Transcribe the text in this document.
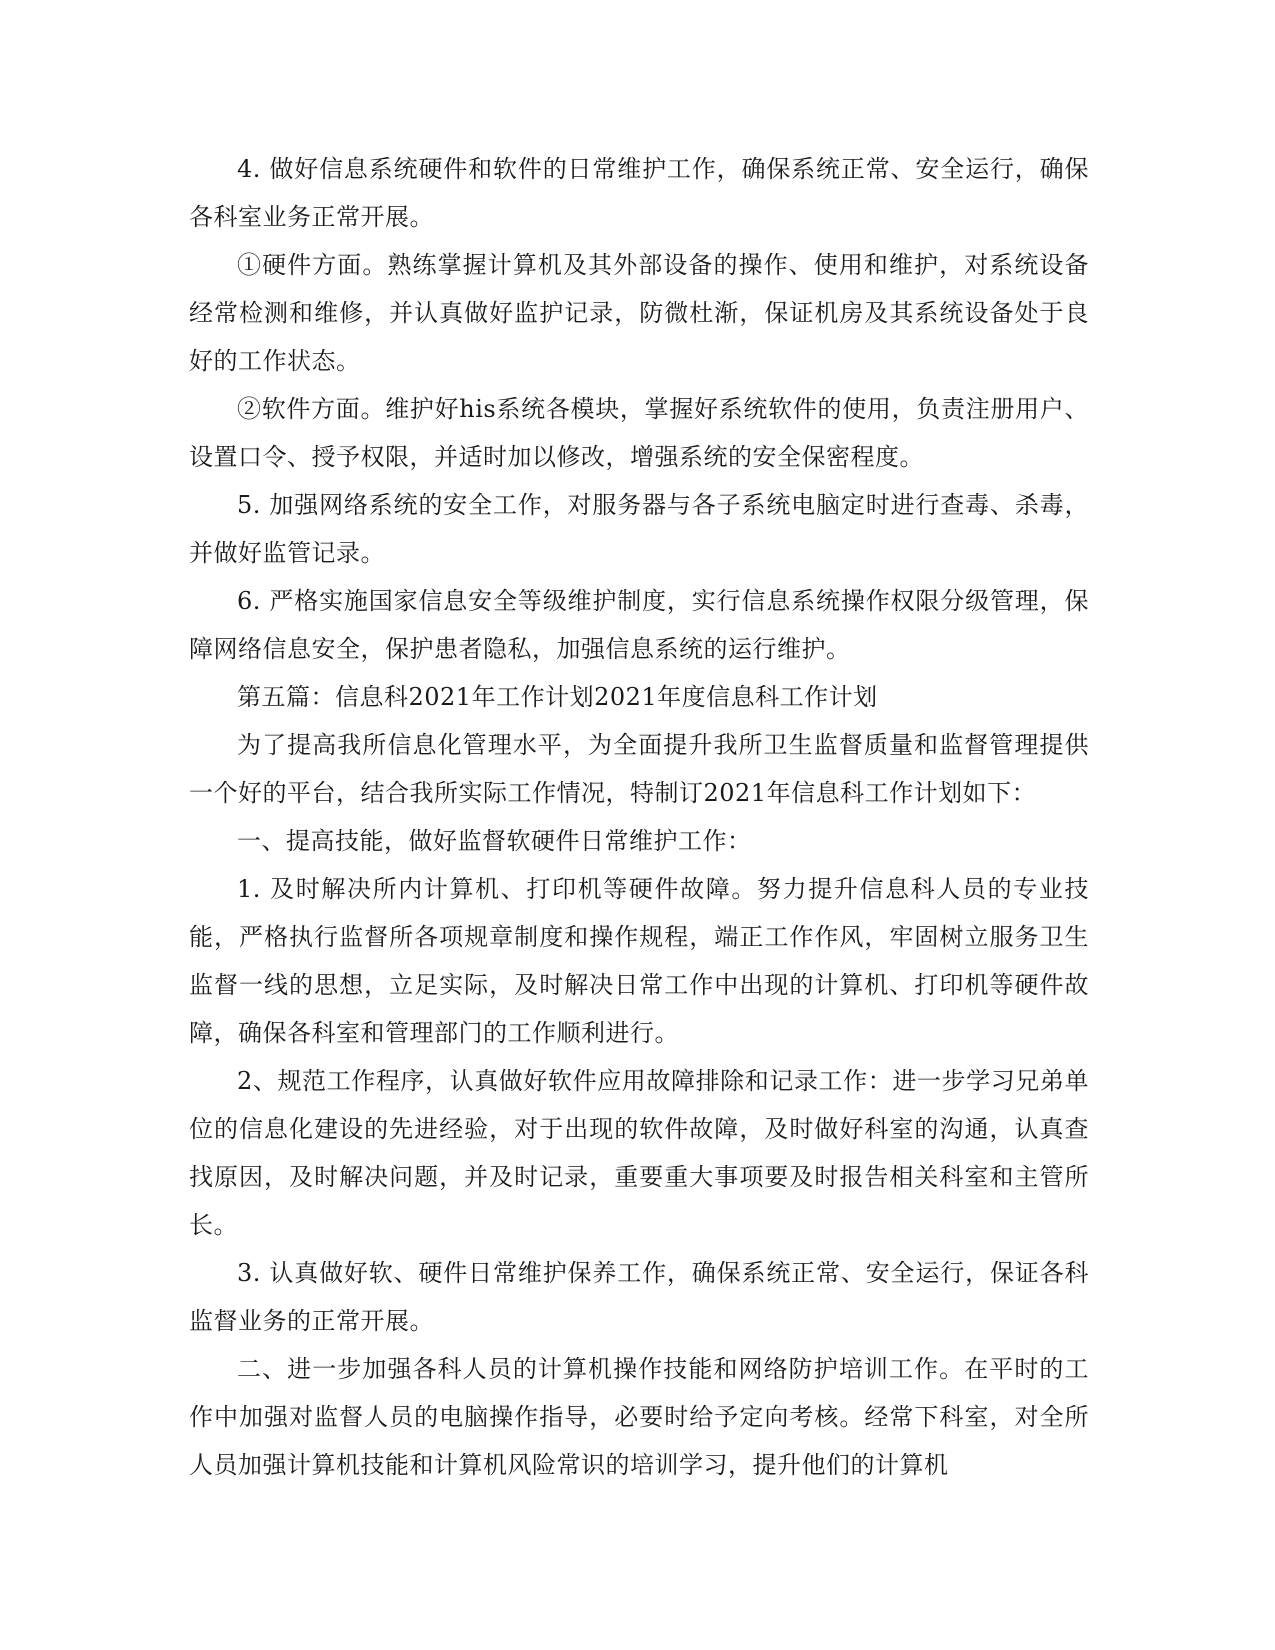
4. 做好信息系统硬件和软件的日常维护工作，确保系统正常、安全运行，确保各科室业务正常开展。

①硬件方面。熟练掌握计算机及其外部设备的操作、使用和维护，对系统设备经常检测和维修，并认真做好监护记录，防微杜渐，保证机房及其系统设备处于良好的工作状态。

②软件方面。维护好his系统各模块，掌握好系统软件的使用，负责注册用户、设置口令、授予权限，并适时加以修改，增强系统的安全保密程度。

5. 加强网络系统的安全工作，对服务器与各子系统电脑定时进行查毒、杀毒，并做好监管记录。

6. 严格实施国家信息安全等级维护制度，实行信息系统操作权限分级管理，保障网络信息安全，保护患者隐私，加强信息系统的运行维护。

第五篇：信息科2021年工作计划2021年度信息科工作计划

为了提高我所信息化管理水平，为全面提升我所卫生监督质量和监督管理提供一个好的平台，结合我所实际工作情况，特制订2021年信息科工作计划如下：

一、提高技能，做好监督软硬件日常维护工作：

1. 及时解决所内计算机、打印机等硬件故障。努力提升信息科人员的专业技能，严格执行监督所各项规章制度和操作规程，端正工作作风，牢固树立服务卫生监督一线的思想，立足实际，及时解决日常工作中出现的计算机、打印机等硬件故障，确保各科室和管理部门的工作顺利进行。

2、规范工作程序，认真做好软件应用故障排除和记录工作：进一步学习兄弟单位的信息化建设的先进经验，对于出现的软件故障，及时做好科室的沟通，认真查找原因，及时解决问题，并及时记录，重要重大事项要及时报告相关科室和主管所长。

3. 认真做好软、硬件日常维护保养工作，确保系统正常、安全运行，保证各科监督业务的正常开展。

二、进一步加强各科人员的计算机操作技能和网络防护培训工作。在平时的工作中加强对监督人员的电脑操作指导，必要时给予定向考核。经常下科室，对全所人员加强计算机技能和计算机风险常识的培训学习，提升他们的计算机
